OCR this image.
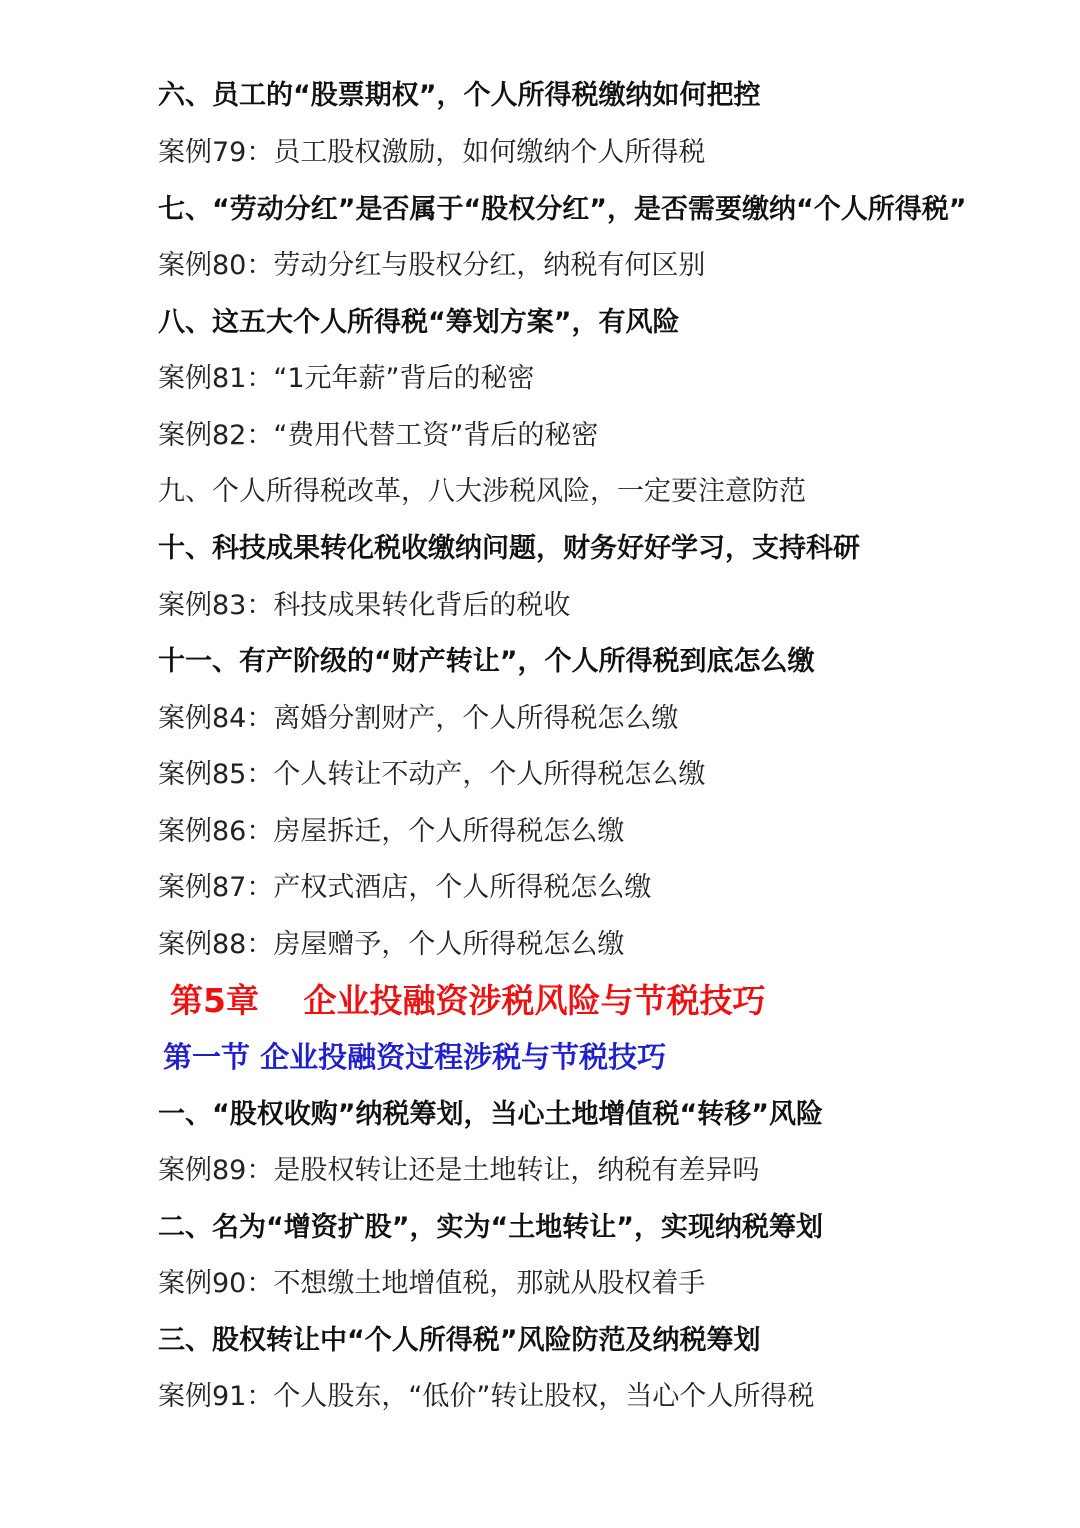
六、员工的“股票期权”，个人所得税缴纳如何把控
案例79：员工股权激励，如何缴纳个人所得税
七、“劳动分红”是否属于“股权分红”，是否需要缴纳“个人所得税”
案例80：劳动分红与股权分红，纳税有何区别
八、这五大个人所得税“筹划方案”，有风险
案例81：“1元年薪”背后的秘密
案例82：“费用代替工资”背后的秘密
九、个人所得税改革，八大涉税风险，一定要注意防范
十、科技成果转化税收缴纳问题，财务好好学习，支持科研
案例83：科技成果转化背后的税收
十一、有产阶级的“财产转让”，个人所得税到底怎么缴
案例84：离婚分割财产，个人所得税怎么缴
案例85：个人转让不动产，个人所得税怎么缴
案例86：房屋拆迁，个人所得税怎么缴
案例87：产权式酒店，个人所得税怎么缴
案例88：房屋赠予，个人所得税怎么缴
第5章　 企业投融资涉税风险与节税技巧
第一节 企业投融资过程涉税与节税技巧
一、“股权收购”纳税筹划，当心土地增值税“转移”风险
案例89：是股权转让还是土地转让，纳税有差异吗
二、名为“增资扩股”，实为“土地转让”，实现纳税筹划
案例90：不想缴土地增值税，那就从股权着手
三、股权转让中“个人所得税”风险防范及纳税筹划
案例91：个人股东，“低价”转让股权，当心个人所得税
